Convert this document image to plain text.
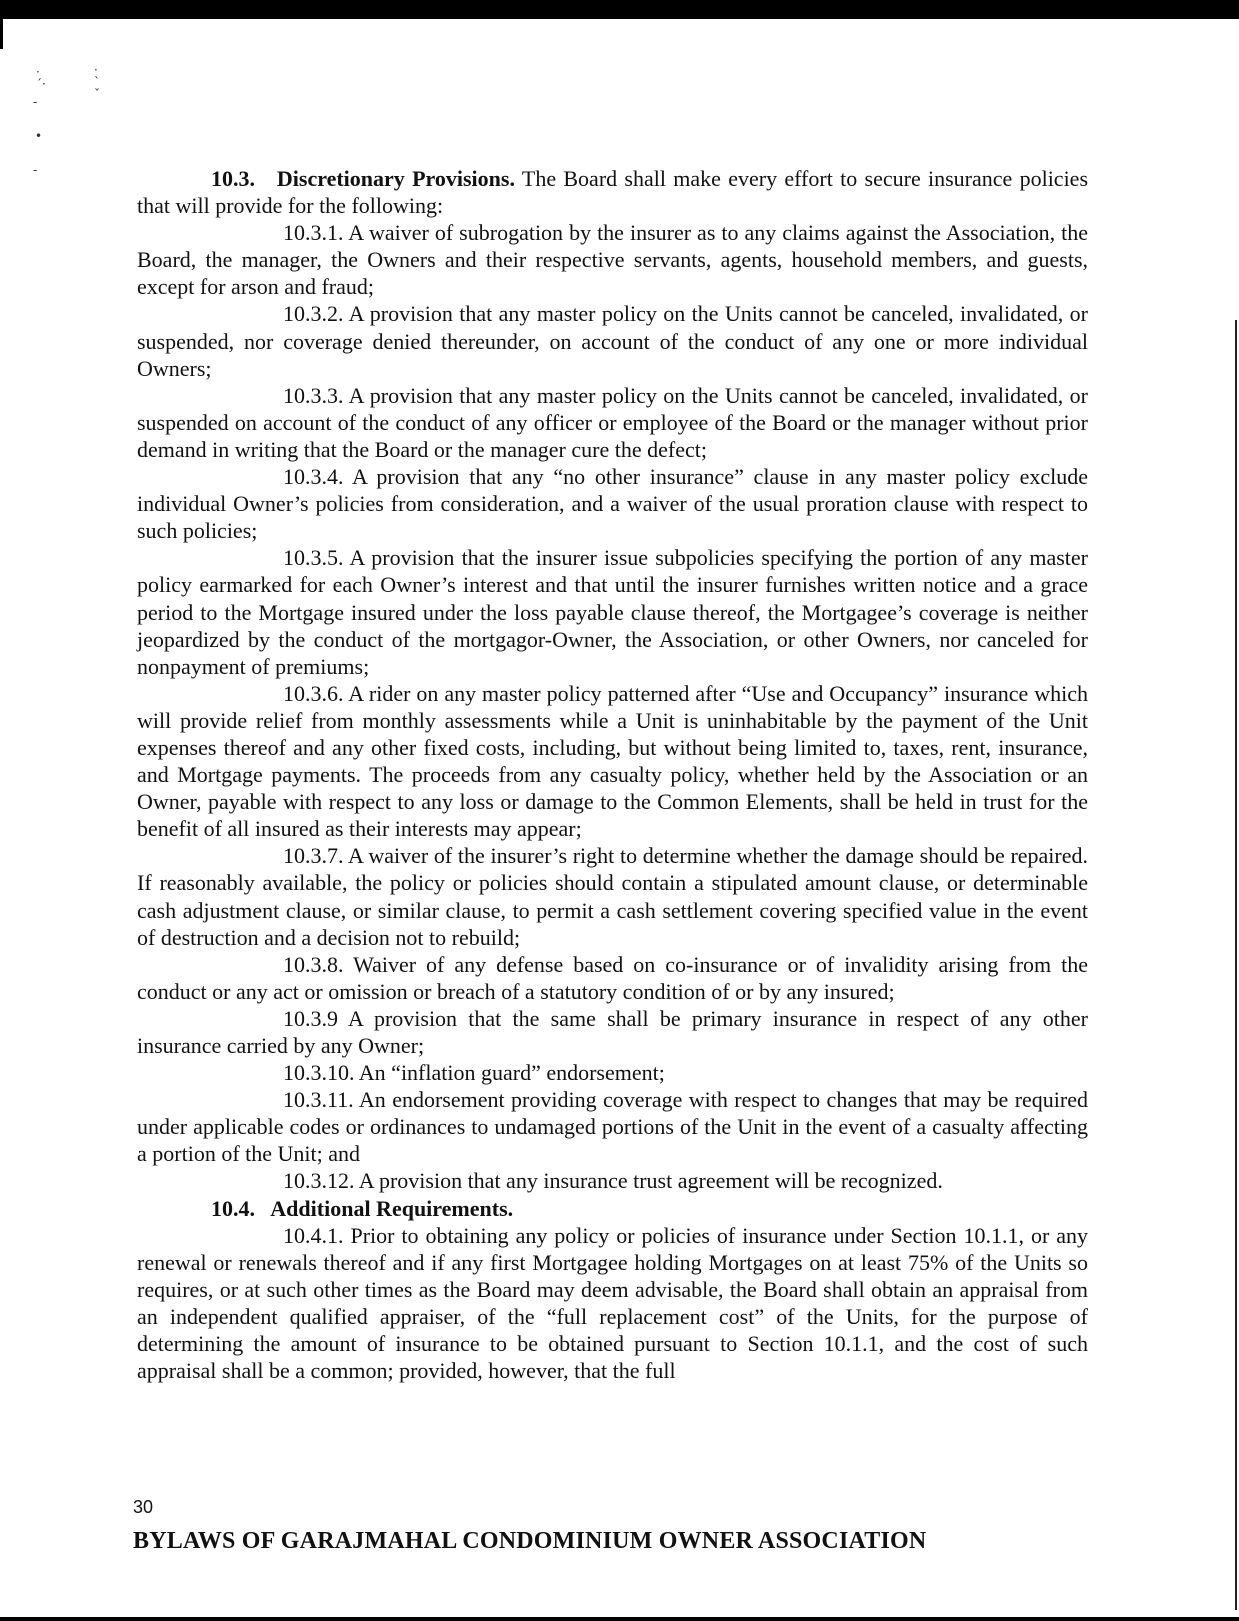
·´·
· ˋ ˇ
-
•
-	10.3. Discretionary Provisions. The Board shall make every effort to secure insurance policies that will provide for the following:

10.3.1. A waiver of subrogation by the insurer as to any claims against the Association, the Board, the manager, the Owners and their respective servants, agents, household members, and guests, except for arson and fraud;

10.3.2. A provision that any master policy on the Units cannot be canceled, invalidated, or suspended, nor coverage denied thereunder, on account of the conduct of any one or more individual Owners;

10.3.3. A provision that any master policy on the Units cannot be canceled, invalidated, or suspended on account of the conduct of any officer or employee of the Board or the manager without prior demand in writing that the Board or the manager cure the defect;

10.3.4. A provision that any “no other insurance” clause in any master policy exclude individual Owner’s policies from consideration, and a waiver of the usual proration clause with respect to such policies;

10.3.5. A provision that the insurer issue subpolicies specifying the portion of any master policy earmarked for each Owner’s interest and that until the insurer furnishes written notice and a grace period to the Mortgage insured under the loss payable clause thereof, the Mortgagee’s coverage is neither jeopardized by the conduct of the mortgagor-Owner, the Association, or other Owners, nor canceled for nonpayment of premiums;

10.3.6. A rider on any master policy patterned after “Use and Occupancy” insurance which will provide relief from monthly assessments while a Unit is uninhabitable by the payment of the Unit expenses thereof and any other fixed costs, including, but without being limited to, taxes, rent, insurance, and Mortgage payments. The proceeds from any casualty policy, whether held by the Association or an Owner, payable with respect to any loss or damage to the Common Elements, shall be held in trust for the benefit of all insured as their interests may appear;

10.3.7. A waiver of the insurer’s right to determine whether the damage should be repaired. If reasonably available, the policy or policies should contain a stipulated amount clause, or determinable cash adjustment clause, or similar clause, to permit a cash settlement covering specified value in the event of destruction and a decision not to rebuild;

10.3.8. Waiver of any defense based on co-insurance or of invalidity arising from the conduct or any act or omission or breach of a statutory condition of or by any insured;

10.3.9 A provision that the same shall be primary insurance in respect of any other insurance carried by any Owner;

10.3.10. An “inflation guard” endorsement;

10.3.11. An endorsement providing coverage with respect to changes that may be required under applicable codes or ordinances to undamaged portions of the Unit in the event of a casualty affecting a portion of the Unit; and

10.3.12. A provision that any insurance trust agreement will be recognized.

10.4. Additional Requirements.

10.4.1. Prior to obtaining any policy or policies of insurance under Section 10.1.1, or any renewal or renewals thereof and if any first Mortgagee holding Mortgages on at least 75% of the Units so requires, or at such other times as the Board may deem advisable, the Board shall obtain an appraisal from an independent qualified appraiser, of the “full replacement cost” of the Units, for the purpose of determining the amount of insurance to be obtained pursuant to Section 10.1.1, and the cost of such appraisal shall be a common; provided, however, that the full

30
BYLAWS OF GARAJMAHAL CONDOMINIUM OWNER ASSOCIATION
